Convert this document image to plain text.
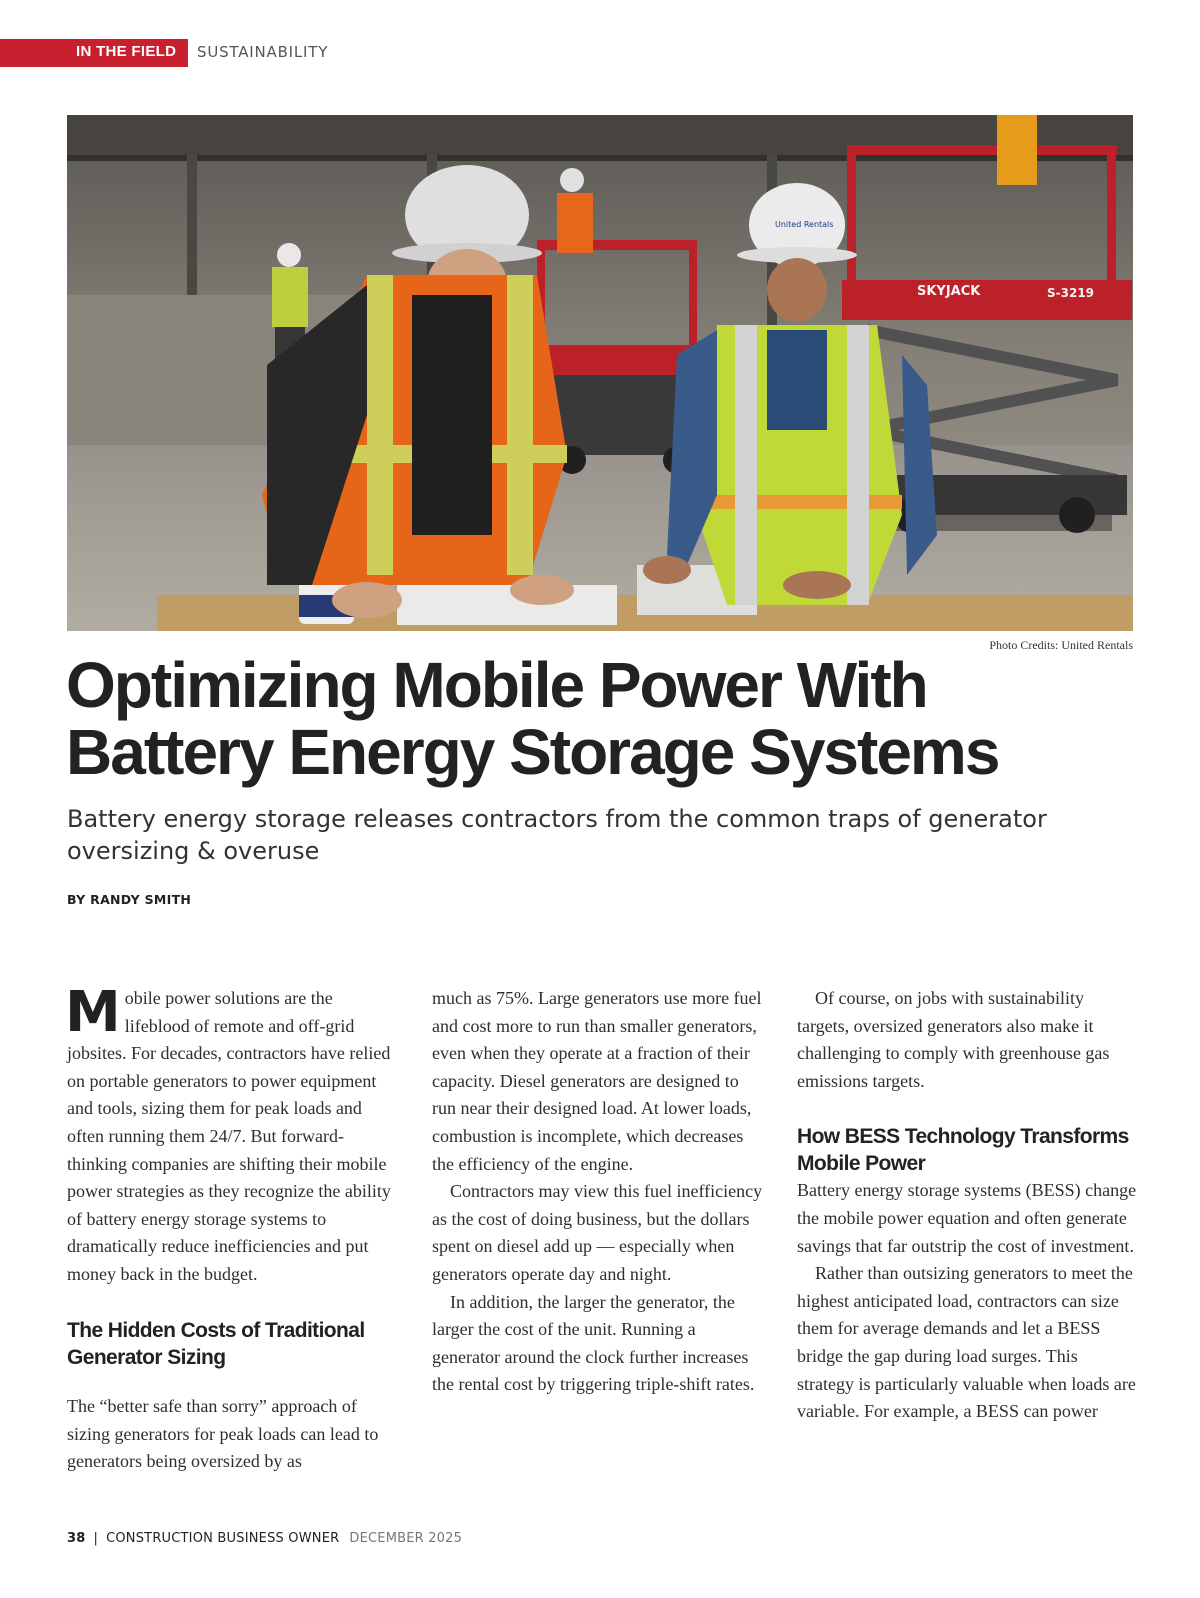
IN THE FIELD SUSTAINABILITY
SKYJACK	S-3219
United Rentals
Photo Credits: United Rentals
Optimizing Mobile Power With Battery Energy Storage Systems

Battery energy storage releases contractors from the common traps of generator oversizing & overuse

BY RANDY SMITH

Mobile power solutions are the lifeblood of remote and off-grid jobsites. For decades, contractors have relied on portable generators to power equipment and tools, sizing them for peak loads and often running them 24/7. But forward-thinking companies are shifting their mobile power strategies as they recognize the ability of battery energy storage systems to dramatically reduce inefficiencies and put money back in the budget.

The Hidden Costs of Traditional Generator Sizing

The “better safe than sorry” approach of sizing generators for peak loads can lead to generators being oversized by as

much as 75%. Large generators use more fuel and cost more to run than smaller generators, even when they operate at a fraction of their capacity. Diesel generators are designed to run near their designed load. At lower loads, combustion is incomplete, which decreases the efficiency of the engine.

Contractors may view this fuel inefficiency as the cost of doing business, but the dollars spent on diesel add up — especially when generators operate day and night.

In addition, the larger the generator, the larger the cost of the unit. Running a generator around the clock further increases the rental cost by triggering triple-shift rates.

Of course, on jobs with sustainability targets, oversized generators also make it challenging to comply with greenhouse gas emissions targets.

How BESS Technology Transforms Mobile Power

Battery energy storage systems (BESS) change the mobile power equation and often generate savings that far outstrip the cost of investment.

Rather than outsizing generators to meet the highest anticipated load, contractors can size them for average demands and let a BESS bridge the gap during load surges. This strategy is particularly valuable when loads are variable. For example, a BESS can power

38 | CONSTRUCTION BUSINESS OWNER DECEMBER 2025
